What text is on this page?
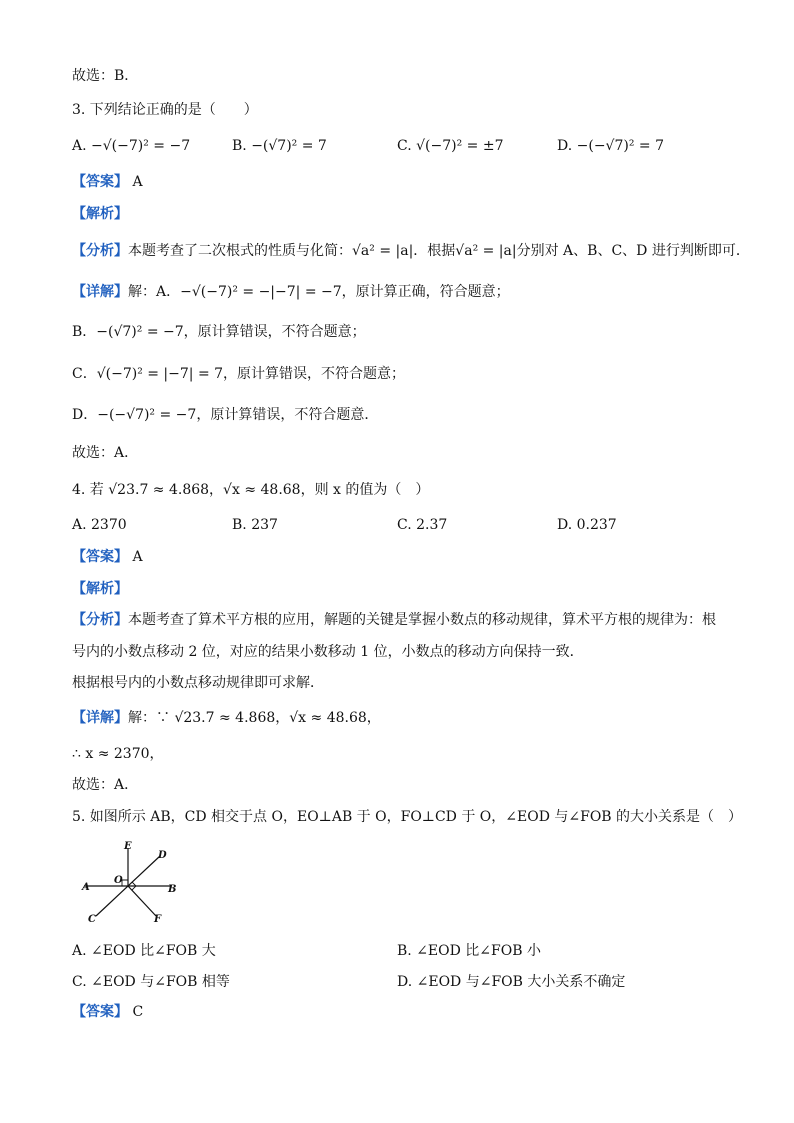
故选：B．
3. 下列结论正确的是（　　）
A. −√(−7)² = −7	B. −(√7)² = 7	C. √(−7)² = ±7	D. −(−√7)² = 7
【答案】 A
【解析】
【分析】本题考查了二次根式的性质与化简：√a² = |a|．根据√a² = |a|分别对 A、B、C、D 进行判断即可．
【详解】解：A．−√(−7)² = −|−7| = −7，原计算正确，符合题意；
B．−(√7)² = −7，原计算错误，不符合题意；
C．√(−7)² = |−7| = 7，原计算错误，不符合题意；
D．−(−√7)² = −7，原计算错误，不符合题意．
故选：A．
4. 若 √23.7 ≈ 4.868，√x ≈ 48.68，则 x 的值为（　）
A. 2370	B. 237	C. 2.37	D. 0.237
【答案】 A
【解析】
【分析】本题考查了算术平方根的应用，解题的关键是掌握小数点的移动规律，算术平方根的规律为：根
号内的小数点移动 2 位，对应的结果小数移动 1 位，小数点的移动方向保持一致．
根据根号内的小数点移动规律即可求解．
【详解】解：∵ √23.7 ≈ 4.868，√x ≈ 48.68，
∴ x ≈ 2370，
故选：A．
5. 如图所示 AB，CD 相交于点 O，EO⊥AB 于 O，FO⊥CD 于 O，∠EOD 与∠FOB 的大小关系是（　）
E
D
O
A	B
C	F
A. ∠EOD 比∠FOB 大	B. ∠EOD 比∠FOB 小
C. ∠EOD 与∠FOB 相等	D. ∠EOD 与∠FOB 大小关系不确定
【答案】 C
